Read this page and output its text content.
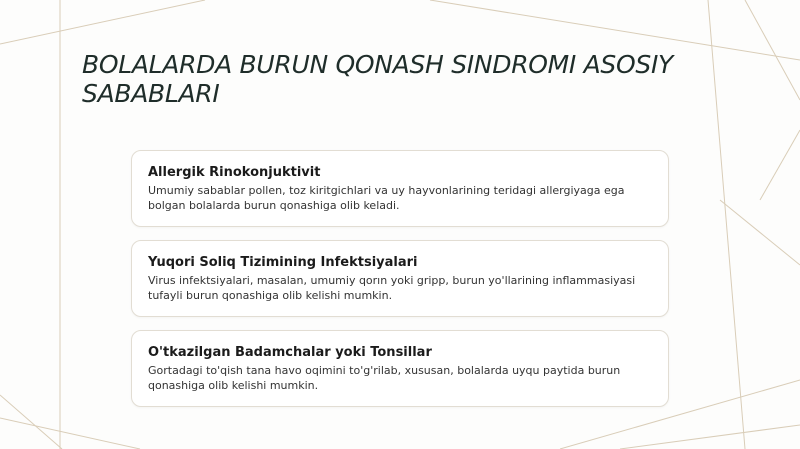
BOLALARDA BURUN QONASH SINDROMI ASOSIY SABABLARI

Allergik Rinokonjuktivit

Umumiy sabablar pollen, toz kiritgichlari va uy hayvonlarining teridagi allergiyaga ega bolgan bolalarda burun qonashiga olib keladi.

Yuqori Soliq Tizimining Infektsiyalari

Virus infektsiyalari, masalan, umumiy qorın yoki gripp, burun yo'llarining inflammasiyasi tufayli burun qonashiga olib kelishi mumkin.

O'tkazilgan Badamchalar yoki Tonsillar

Gortadagi to'qish tana havo oqimini to'g'rilab, xususan, bolalarda uyqu paytida burun qonashiga olib kelishi mumkin.
